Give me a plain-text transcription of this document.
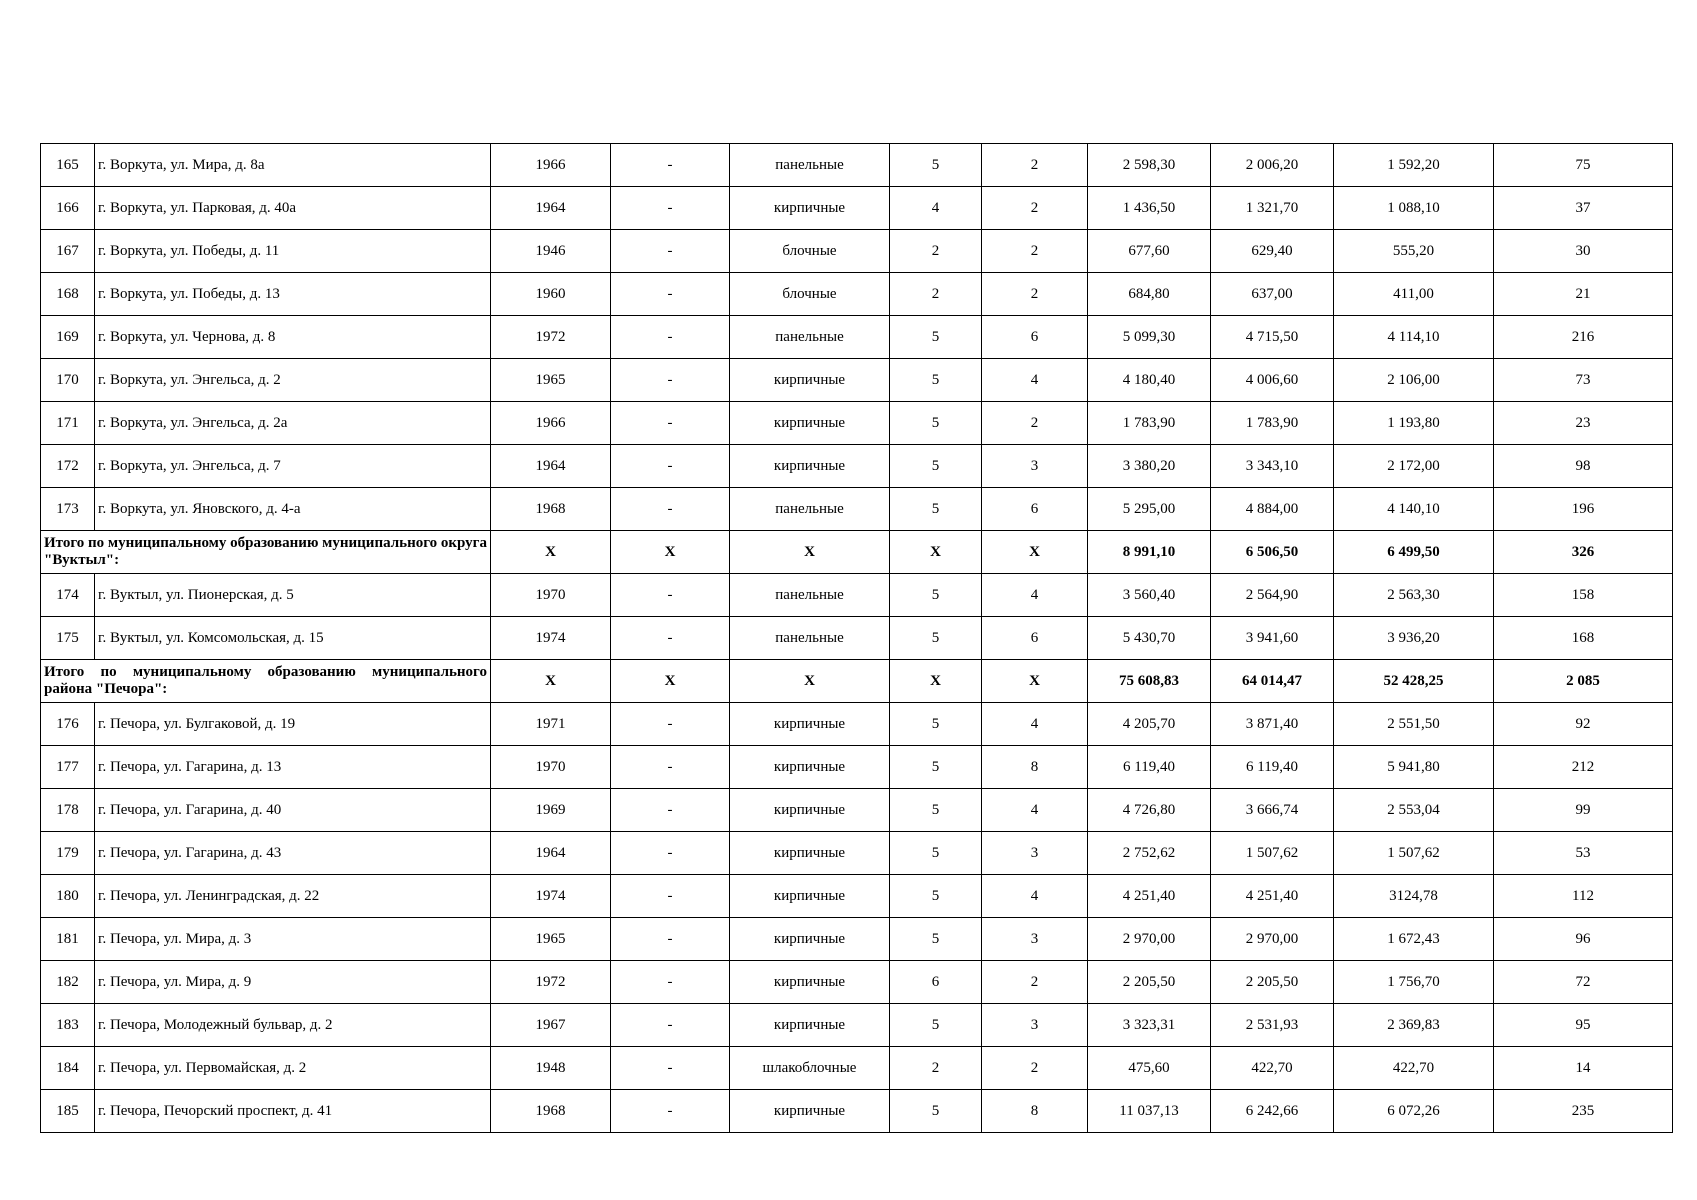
165	г. Воркута, ул. Мира, д. 8а	1966	-	панельные	5	2	2 598,30	2 006,20	1 592,20	75
166	г. Воркута, ул. Парковая, д. 40а	1964	-	кирпичные	4	2	1 436,50	1 321,70	1 088,10	37
167	г. Воркута, ул. Победы, д. 11	1946	-	блочные	2	2	677,60	629,40	555,20	30
168	г. Воркута, ул. Победы, д. 13	1960	-	блочные	2	2	684,80	637,00	411,00	21
169	г. Воркута, ул. Чернова, д. 8	1972	-	панельные	5	6	5 099,30	4 715,50	4 114,10	216
170	г. Воркута, ул. Энгельса, д. 2	1965	-	кирпичные	5	4	4 180,40	4 006,60	2 106,00	73
171	г. Воркута, ул. Энгельса, д. 2а	1966	-	кирпичные	5	2	1 783,90	1 783,90	1 193,80	23
172	г. Воркута, ул. Энгельса, д. 7	1964	-	кирпичные	5	3	3 380,20	3 343,10	2 172,00	98
173	г. Воркута, ул. Яновского, д. 4-а	1968	-	панельные	5	6	5 295,00	4 884,00	4 140,10	196
Итого по муниципальному образованию муниципального округа "Вуктыл":		X	X	X	X	X	8 991,10	6 506,50	6 499,50	326
174	г. Вуктыл, ул. Пионерская, д. 5	1970	-	панельные	5	4	3 560,40	2 564,90	2 563,30	158
175	г. Вуктыл, ул. Комсомольская, д. 15	1974	-	панельные	5	6	5 430,70	3 941,60	3 936,20	168
Итого по муниципальному образованию муниципального района "Печора":		X	X	X	X	X	75 608,83	64 014,47	52 428,25	2 085
176	г. Печора, ул. Булгаковой, д. 19	1971	-	кирпичные	5	4	4 205,70	3 871,40	2 551,50	92
177	г. Печора, ул. Гагарина, д. 13	1970	-	кирпичные	5	8	6 119,40	6 119,40	5 941,80	212
178	г. Печора, ул. Гагарина, д. 40	1969	-	кирпичные	5	4	4 726,80	3 666,74	2 553,04	99
179	г. Печора, ул. Гагарина, д. 43	1964	-	кирпичные	5	3	2 752,62	1 507,62	1 507,62	53
180	г. Печора, ул. Ленинградская, д. 22	1974	-	кирпичные	5	4	4 251,40	4 251,40	3124,78	112
181	г. Печора, ул. Мира, д. 3	1965	-	кирпичные	5	3	2 970,00	2 970,00	1 672,43	96
182	г. Печора, ул. Мира, д. 9	1972	-	кирпичные	6	2	2 205,50	2 205,50	1 756,70	72
183	г. Печора, Молодежный бульвар, д. 2	1967	-	кирпичные	5	3	3 323,31	2 531,93	2 369,83	95
184	г. Печора, ул. Первомайская, д. 2	1948	-	шлакоблочные	2	2	475,60	422,70	422,70	14
185	г. Печора, Печорский проспект, д. 41	1968	-	кирпичные	5	8	11 037,13	6 242,66	6 072,26	235
